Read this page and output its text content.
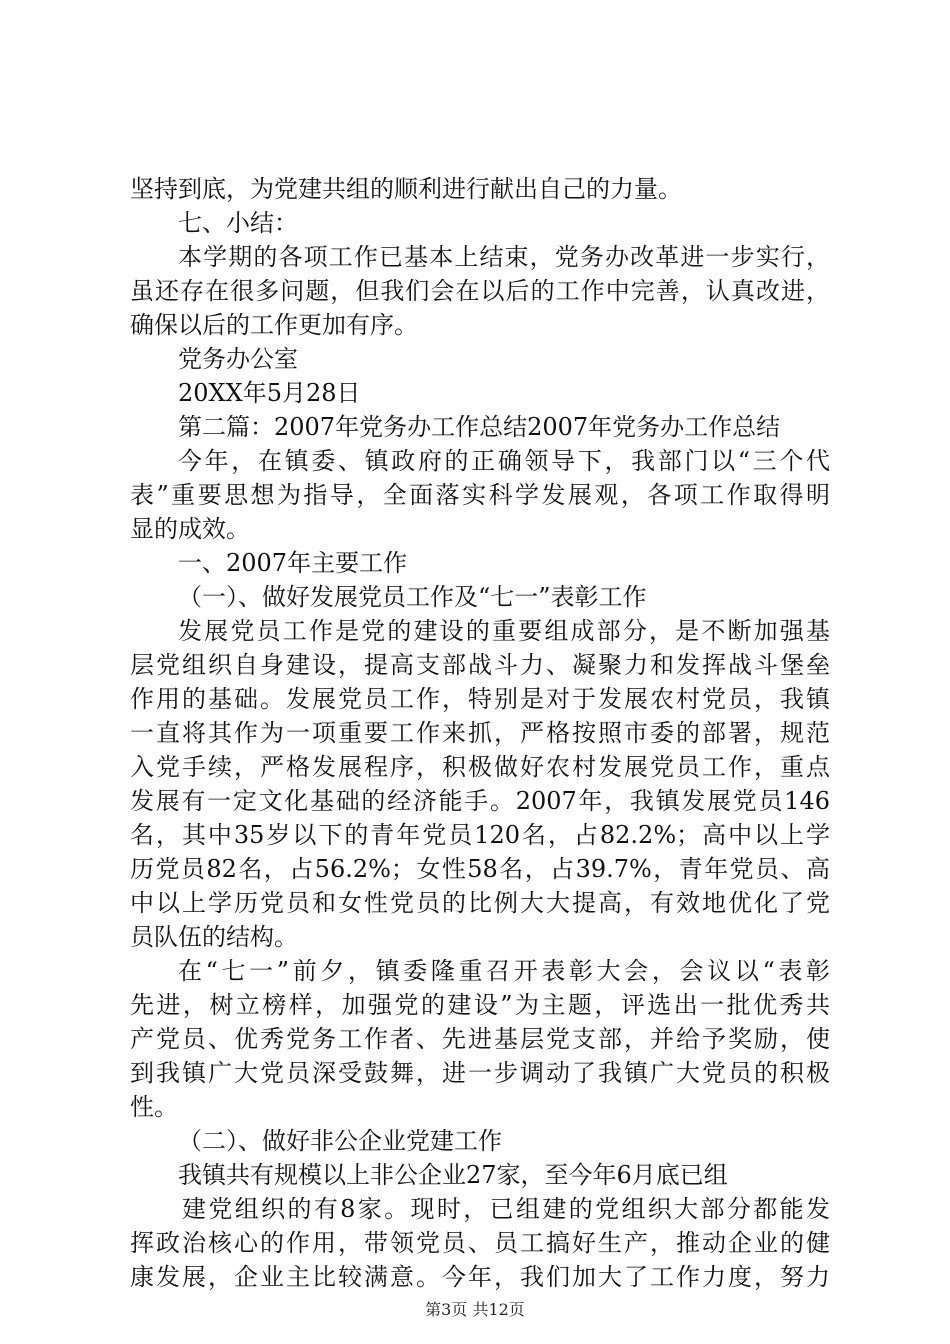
坚持到底，为党建共组的顺利进行献出自己的力量。
七、小结：
本学期的各项工作已基本上结束，党务办改革进一步实行，
虽还存在很多问题，但我们会在以后的工作中完善，认真改进，
确保以后的工作更加有序。
党务办公室
20XX年5月28日
第二篇：2007年党务办工作总结2007年党务办工作总结
今年，在镇委、镇政府的正确领导下，我部门以“三个代
表”重要思想为指导，全面落实科学发展观，各项工作取得明
显的成效。
一、2007年主要工作
（一）、做好发展党员工作及“七一”表彰工作
发展党员工作是党的建设的重要组成部分，是不断加强基
层党组织自身建设，提高支部战斗力、凝聚力和发挥战斗堡垒
作用的基础。发展党员工作，特别是对于发展农村党员，我镇
一直将其作为一项重要工作来抓，严格按照市委的部署，规范
入党手续，严格发展程序，积极做好农村发展党员工作，重点
发展有一定文化基础的经济能手。2007年，我镇发展党员146
名，其中35岁以下的青年党员120名，占82.2%；高中以上学
历党员82名，占56.2%；女性58名，占39.7%，青年党员、高
中以上学历党员和女性党员的比例大大提高，有效地优化了党
员队伍的结构。
在“七一”前夕，镇委隆重召开表彰大会，会议以“表彰
先进，树立榜样，加强党的建设”为主题，评选出一批优秀共
产党员、优秀党务工作者、先进基层党支部，并给予奖励，使
到我镇广大党员深受鼓舞，进一步调动了我镇广大党员的积极
性。
（二）、做好非公企业党建工作
我镇共有规模以上非公企业27家，至今年6月底已组
建党组织的有8家。现时，已组建的党组织大部分都能发
挥政治核心的作用，带领党员、员工搞好生产，推动企业的健
康发展，企业主比较满意。今年，我们加大了工作力度，努力
第3页 共12页
